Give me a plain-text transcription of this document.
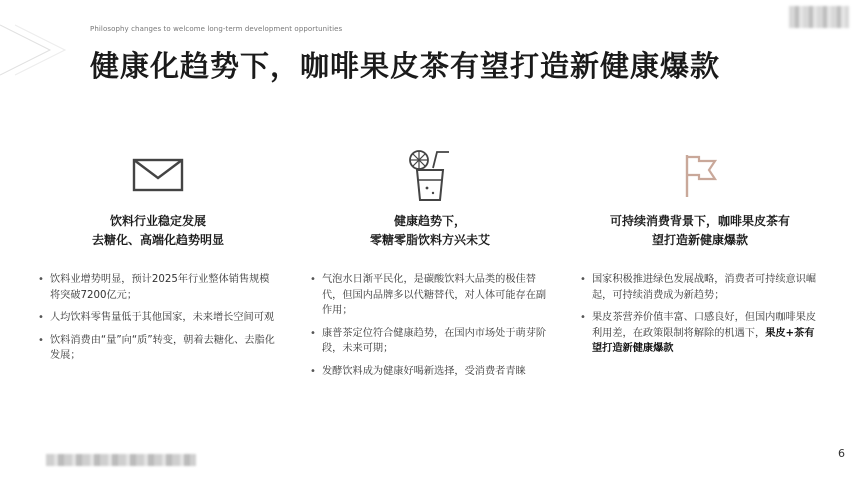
Philosophy changes to welcome long-term development opportunities
健康化趋势下，咖啡果皮茶有望打造新健康爆款
饮料行业稳定发展
去糖化、高端化趋势明显
• 饮料业增势明显，预计2025年行业整体销售规模将突破7200亿元；
• 人均饮料零售量低于其他国家，未来增长空间可观
• 饮料消费由“量”向“质”转变，朝着去糖化、去脂化发展；
健康趋势下，
零糖零脂饮料方兴未艾
• 气泡水日渐平民化，是碳酸饮料大品类的极佳替代，但国内品牌多以代糖替代，对人体可能存在副作用；
• 康普茶定位符合健康趋势，在国内市场处于萌芽阶段，未来可期；
• 发酵饮料成为健康好喝新选择，受消费者青睐
可持续消费背景下，咖啡果皮茶有
望打造新健康爆款
• 国家积极推进绿色发展战略，消费者可持续意识崛起，可持续消费成为新趋势；
• 果皮茶营养价值丰富、口感良好，但国内咖啡果皮利用差，在政策限制将解除的机遇下，果皮+茶有望打造新健康爆款
6
